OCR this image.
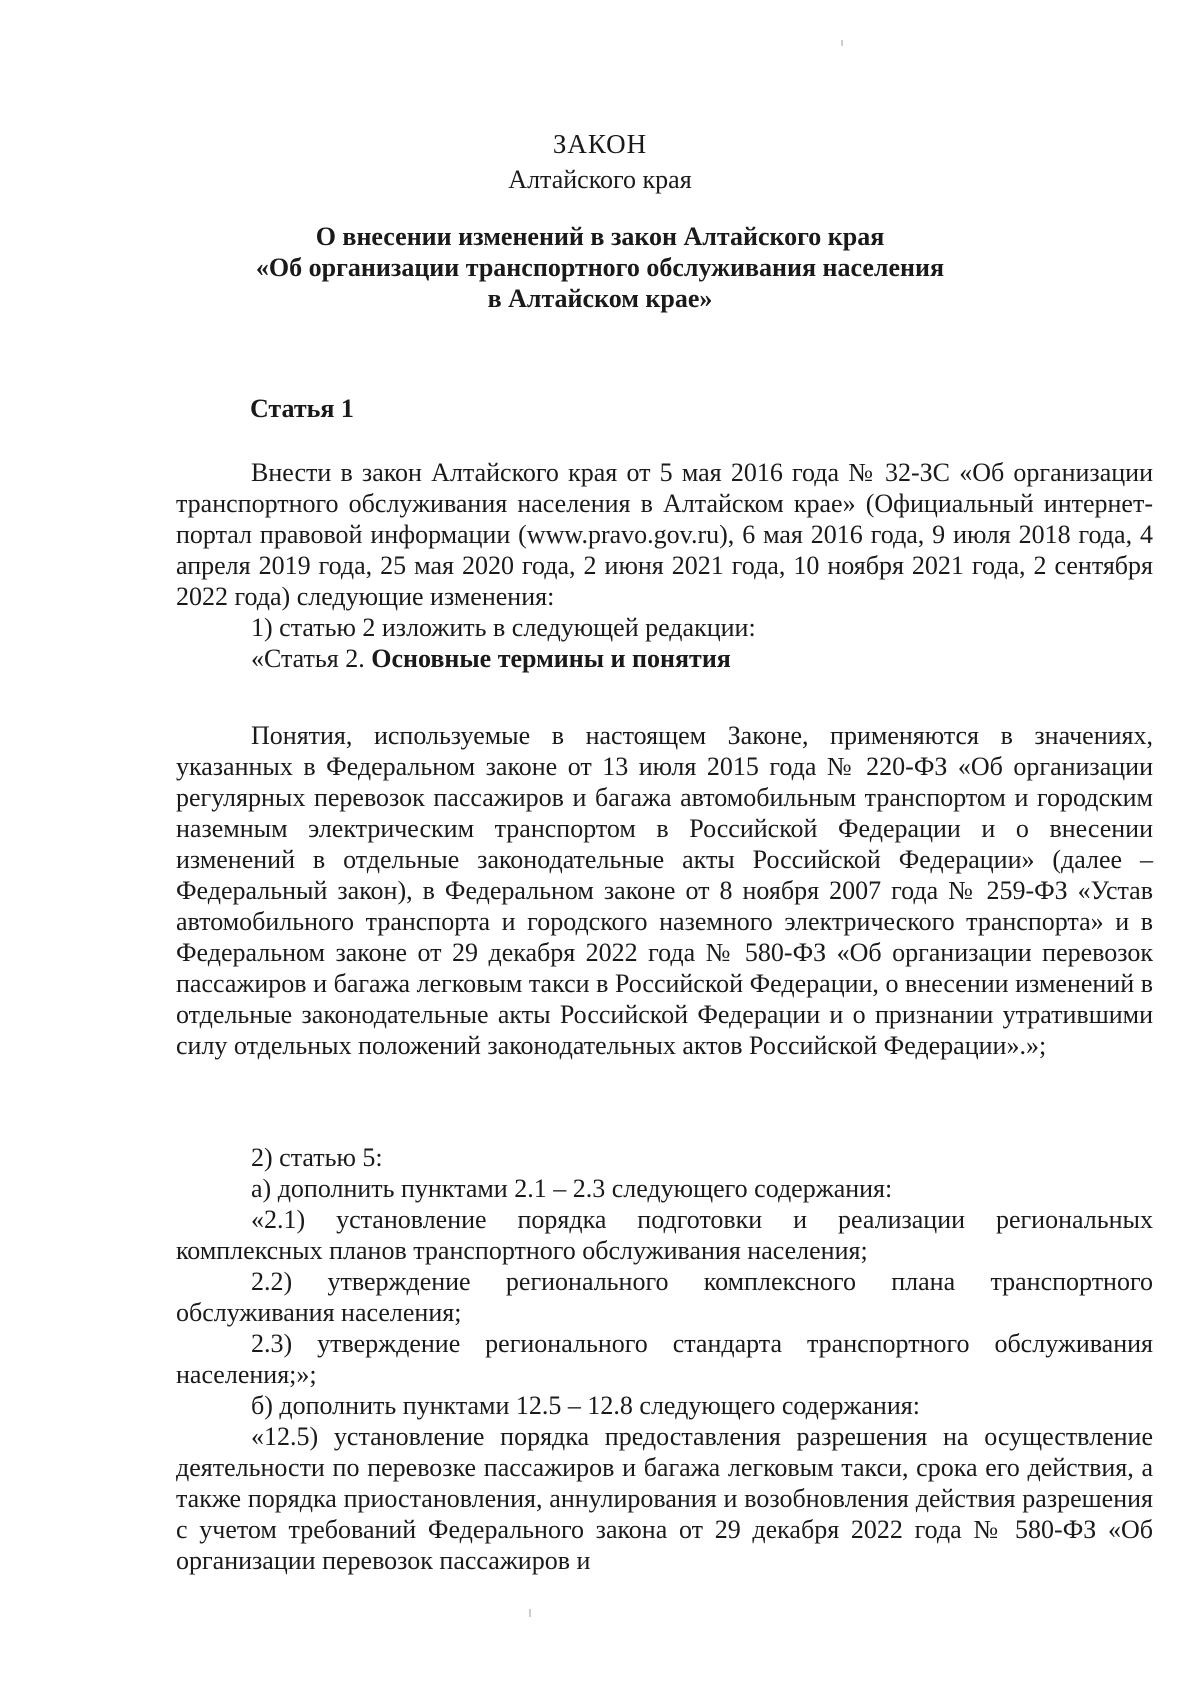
ЗАКОН
Алтайского края
О внесении изменений в закон Алтайского края
«Об организации транспортного обслуживания населения
в Алтайском крае»
Статья 1

Внести в закон Алтайского края от 5 мая 2016 года № 32-ЗС «Об организации транспортного обслуживания населения в Алтайском крае» (Официальный интернет-портал правовой информации (www.pravo.gov.ru), 6 мая 2016 года, 9 июля 2018 года, 4 апреля 2019 года, 25 мая 2020 года, 2 июня 2021 года, 10 ноября 2021 года, 2 сентября 2022 года) следующие изменения:

1) статью 2 изложить в следующей редакции:

«Статья 2. Основные термины и понятия

Понятия, используемые в настоящем Законе, применяются в значениях, указанных в Федеральном законе от 13 июля 2015 года № 220-ФЗ «Об организации регулярных перевозок пассажиров и багажа автомобильным транспортом и городским наземным электрическим транспортом в Российской Федерации и о внесении изменений в отдельные законодательные акты Российской Федерации» (далее – Федеральный закон), в Федеральном законе от 8 ноября 2007 года № 259-ФЗ «Устав автомобильного транспорта и городского наземного электрического транспорта» и в Федеральном законе от 29 декабря 2022 года № 580-ФЗ «Об организации перевозок пассажиров и багажа легковым такси в Российской Федерации, о внесении изменений в отдельные законодательные акты Российской Федерации и о признании утратившими силу отдельных положений законодательных актов Российской Федерации».»;

2) статью 5:

а) дополнить пунктами 2.1 – 2.3 следующего содержания:

«2.1) установление порядка подготовки и реализации региональных комплексных планов транспортного обслуживания населения;

2.2) утверждение регионального комплексного плана транспортного обслуживания населения;

2.3) утверждение регионального стандарта транспортного обслуживания населения;»;

б) дополнить пунктами 12.5 – 12.8 следующего содержания:

«12.5) установление порядка предоставления разрешения на осуществление деятельности по перевозке пассажиров и багажа легковым такси, срока его действия, а также порядка приостановления, аннулирования и возобновления действия разрешения с учетом требований Федерального закона от 29 декабря 2022 года № 580-ФЗ «Об организации перевозок пассажиров и
